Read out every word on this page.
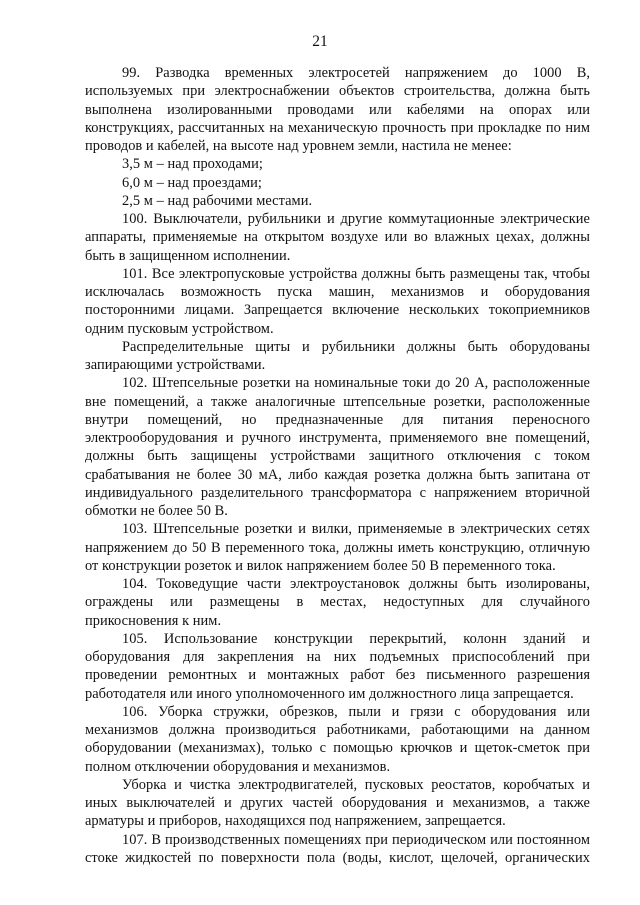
21

99. Разводка временных электросетей напряжением до 1000 В, используемых при электроснабжении объектов строительства, должна быть выполнена изолированными проводами или кабелями на опорах или конструкциях, рассчитанных на механическую прочность при прокладке по ним проводов и кабелей, на высоте над уровнем земли, настила не менее:

3,5 м – над проходами;

6,0 м – над проездами;

2,5 м – над рабочими местами.

100. Выключатели, рубильники и другие коммутационные электрические аппараты, применяемые на открытом воздухе или во влажных цехах, должны быть в защищенном исполнении.

101. Все электропусковые устройства должны быть размещены так, чтобы исключалась возможность пуска машин, механизмов и оборудования посторонними лицами. Запрещается включение нескольких токоприемников одним пусковым устройством.

Распределительные щиты и рубильники должны быть оборудованы запирающими устройствами.

102. Штепсельные розетки на номинальные токи до 20 А, расположенные вне помещений, а также аналогичные штепсельные розетки, расположенные внутри помещений, но предназначенные для питания переносного электрооборудования и ручного инструмента, применяемого вне помещений, должны быть защищены устройствами защитного отключения с током срабатывания не более 30 мА, либо каждая розетка должна быть запитана от индивидуального разделительного трансформатора с напряжением вторичной обмотки не более 50 В.

103. Штепсельные розетки и вилки, применяемые в электрических сетях напряжением до 50 В переменного тока, должны иметь конструкцию, отличную от конструкции розеток и вилок напряжением более 50 В переменного тока.

104. Токоведущие части электроустановок должны быть изолированы, ограждены или размещены в местах, недоступных для случайного прикосновения к ним.

105. Использование конструкции перекрытий, колонн зданий и оборудования для закрепления на них подъемных приспособлений при проведении ремонтных и монтажных работ без письменного разрешения работодателя или иного уполномоченного им должностного лица запрещается.

106. Уборка стружки, обрезков, пыли и грязи с оборудования или механизмов должна производиться работниками, работающими на данном оборудовании (механизмах), только с помощью крючков и щеток-сметок при полном отключении оборудования и механизмов.

Уборка и чистка электродвигателей, пусковых реостатов, коробчатых и иных выключателей и других частей оборудования и механизмов, а также арматуры и приборов, находящихся под напряжением, запрещается.

107. В производственных помещениях при периодическом или постоянном стоке жидкостей по поверхности пола (воды, кислот, щелочей, органических
